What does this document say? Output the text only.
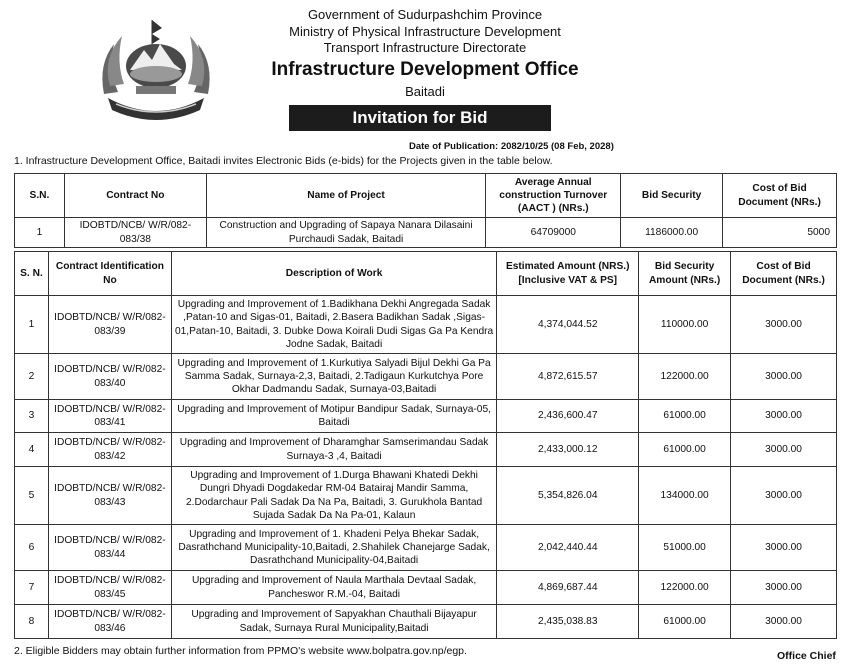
Government of Sudurpashchim Province
Ministry of Physical Infrastructure Development
Transport Infrastructure Directorate
Infrastructure Development Office
Baitadi
Invitation for Bid
Date of Publication: 2082/10/25 (08 Feb, 2028)
1. Infrastructure Development Office, Baitadi invites Electronic Bids (e-bids) for the Projects given in the table below.
S.N.	Contract No	Name of Project	Average Annual construction Turnover (AACT ) (NRs.)	Bid Security	Cost of Bid Document (NRs.)
1	IDOBTD/NCB/ W/R/082-083/38	Construction and Upgrading of Sapaya Nanara Dilasaini Purchaudi Sadak, Baitadi	64709000	1186000.00	5000
S. N.	Contract Identification No	Description of Work	Estimated Amount (NRS.) [Inclusive VAT & PS]	Bid Security Amount (NRs.)	Cost of Bid Document (NRs.)
1	IDOBTD/NCB/ W/R/082-083/39	Upgrading and Improvement of 1.Badikhana Dekhi Angregada Sadak ,Patan-10 and Sigas-01, Baitadi, 2.Basera Badikhan Sadak ,Sigas-01,Patan-10, Baitadi, 3. Dubke Dowa Koirali Dudi Sigas Ga Pa Kendra Jodne Sadak, Baitadi	4,374,044.52	110000.00	3000.00
2	IDOBTD/NCB/ W/R/082-083/40	Upgrading and Improvement of 1.Kurkutiya Salyadi Bijul Dekhi Ga Pa Samma Sadak, Surnaya-2,3, Baitadi, 2.Tadigaun Kurkutchya Pore Okhar Dadmandu Sadak, Surnaya-03,Baitadi	4,872,615.57	122000.00	3000.00
3	IDOBTD/NCB/ W/R/082-083/41	Upgrading and Improvement of Motipur Bandipur Sadak, Surnaya-05, Baitadi	2,436,600.47	61000.00	3000.00
4	IDOBTD/NCB/ W/R/082-083/42	Upgrading and Improvement of Dharamghar Samserimandau Sadak Surnaya-3 ,4, Baitadi	2,433,000.12	61000.00	3000.00
5	IDOBTD/NCB/ W/R/082-083/43	Upgrading and Improvement of 1.Durga Bhawani Khatedi Dekhi Dungri Dhyadi Dogdakedar RM-04 Batairaj Mandir Samma, 2.Dodarchaur Pali Sadak Da Na Pa, Baitadi, 3. Gurukhola Bantad Sujada Sadak Da Na Pa-01, Kalaun	5,354,826.04	134000.00	3000.00
6	IDOBTD/NCB/ W/R/082-083/44	Upgrading and Improvement of 1. Khadeni Pelya Bhekar Sadak, Dasrathchand Municipality-10,Baitadi, 2.Shahilek Chanejarge Sadak, Dasrathchand Municipality-04,Baitadi	2,042,440.44	51000.00	3000.00
7	IDOBTD/NCB/ W/R/082-083/45	Upgrading and Improvement of Naula Marthala Devtaal Sadak, Pancheswor R.M.-04, Baitadi	4,869,687.44	122000.00	3000.00
8	IDOBTD/NCB/ W/R/082-083/46	Upgrading and Improvement of Sapyakhan Chauthali Bijayapur Sadak, Surnaya Rural Municipality,Baitadi	2,435,038.83	61000.00	3000.00
2. Eligible Bidders may obtain further information from PPMO's website www.bolpatra.gov.np/egp.	Office Chief
